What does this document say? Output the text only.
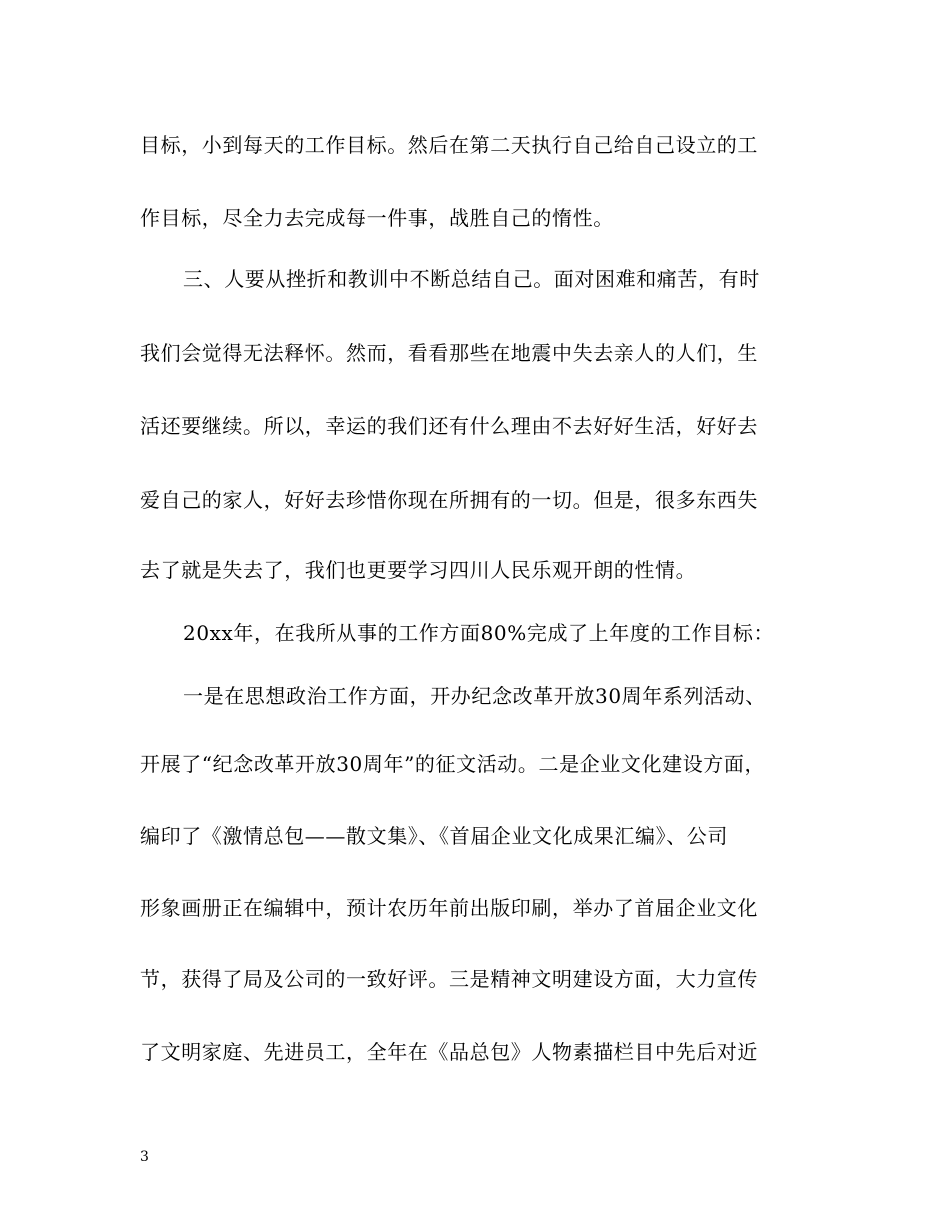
目标，小到每天的工作目标。然后在第二天执行自己给自己设立的工
作目标，尽全力去完成每一件事，战胜自己的惰性。
三、人要从挫折和教训中不断总结自己。面对困难和痛苦，有时
我们会觉得无法释怀。然而，看看那些在地震中失去亲人的人们，生
活还要继续。所以，幸运的我们还有什么理由不去好好生活，好好去
爱自己的家人，好好去珍惜你现在所拥有的一切。但是，很多东西失
去了就是失去了，我们也更要学习四川人民乐观开朗的性情。
20xx年，在我所从事的工作方面80%完成了上年度的工作目标：
一是在思想政治工作方面，开办纪念改革开放30周年系列活动、
开展了“纪念改革开放30周年”的征文活动。二是企业文化建设方面，
编印了《激情总包——散文集》、《首届企业文化成果汇编》、公司
形象画册正在编辑中，预计农历年前出版印刷，举办了首届企业文化
节，获得了局及公司的一致好评。三是精神文明建设方面，大力宣传
了文明家庭、先进员工，全年在《品总包》人物素描栏目中先后对近
3
